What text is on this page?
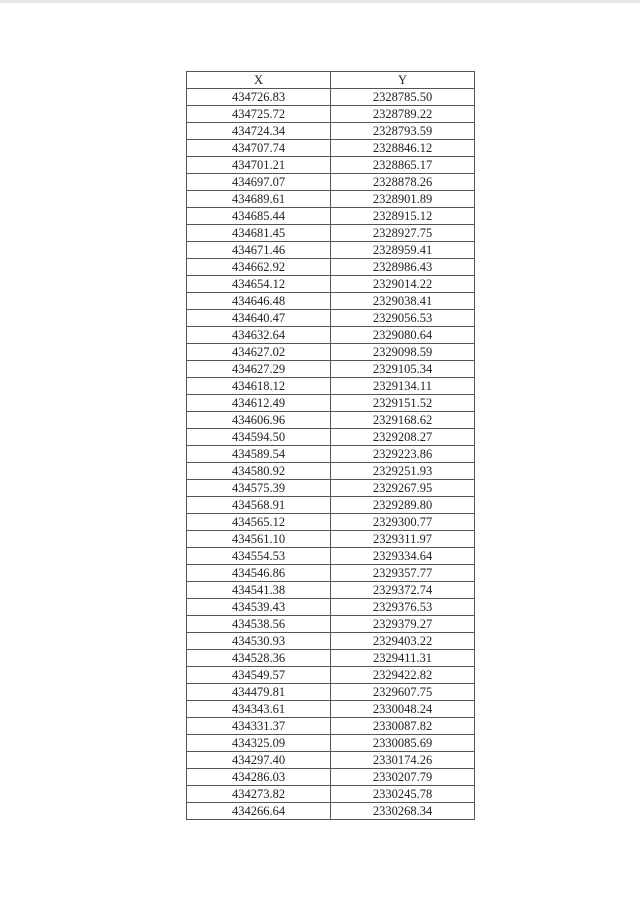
X	Y
434726.83	2328785.50
434725.72	2328789.22
434724.34	2328793.59
434707.74	2328846.12
434701.21	2328865.17
434697.07	2328878.26
434689.61	2328901.89
434685.44	2328915.12
434681.45	2328927.75
434671.46	2328959.41
434662.92	2328986.43
434654.12	2329014.22
434646.48	2329038.41
434640.47	2329056.53
434632.64	2329080.64
434627.02	2329098.59
434627.29	2329105.34
434618.12	2329134.11
434612.49	2329151.52
434606.96	2329168.62
434594.50	2329208.27
434589.54	2329223.86
434580.92	2329251.93
434575.39	2329267.95
434568.91	2329289.80
434565.12	2329300.77
434561.10	2329311.97
434554.53	2329334.64
434546.86	2329357.77
434541.38	2329372.74
434539.43	2329376.53
434538.56	2329379.27
434530.93	2329403.22
434528.36	2329411.31
434549.57	2329422.82
434479.81	2329607.75
434343.61	2330048.24
434331.37	2330087.82
434325.09	2330085.69
434297.40	2330174.26
434286.03	2330207.79
434273.82	2330245.78
434266.64	2330268.34
